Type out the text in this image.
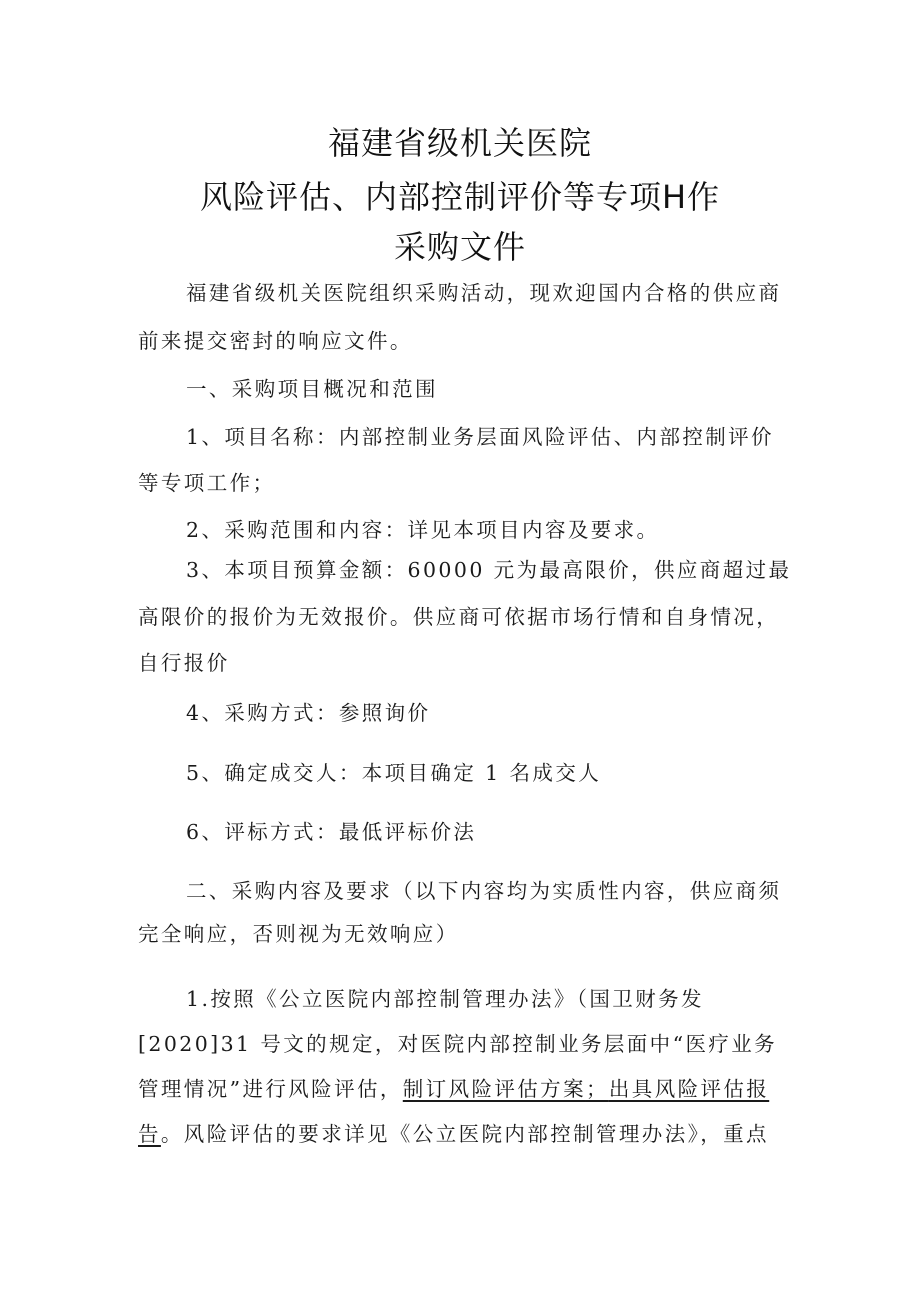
福建省级机关医院
风险评估、内部控制评价等专项H作
采购文件

福建省级机关医院组织采购活动，现欢迎国内合格的供应商

前来提交密封的响应文件。

一、采购项目概况和范围

1、项目名称：内部控制业务层面风险评估、内部控制评价

等专项工作；

2、采购范围和内容：详见本项目内容及要求。

3、本项目预算金额：60000 元为最高限价，供应商超过最

高限价的报价为无效报价。供应商可依据市场行情和自身情况，

自行报价

4、采购方式：参照询价

5、确定成交人：本项目确定 1 名成交人

6、评标方式：最低评标价法

二、采购内容及要求（以下内容均为实质性内容，供应商须

完全响应，否则视为无效响应）

1.按照《公立医院内部控制管理办法》（国卫财务发

[2020]31 号文的规定，对医院内部控制业务层面中“医疗业务

管理情况”进行风险评估，制订风险评估方案；出具风险评估报

告。风险评估的要求详见《公立医院内部控制管理办法》，重点
